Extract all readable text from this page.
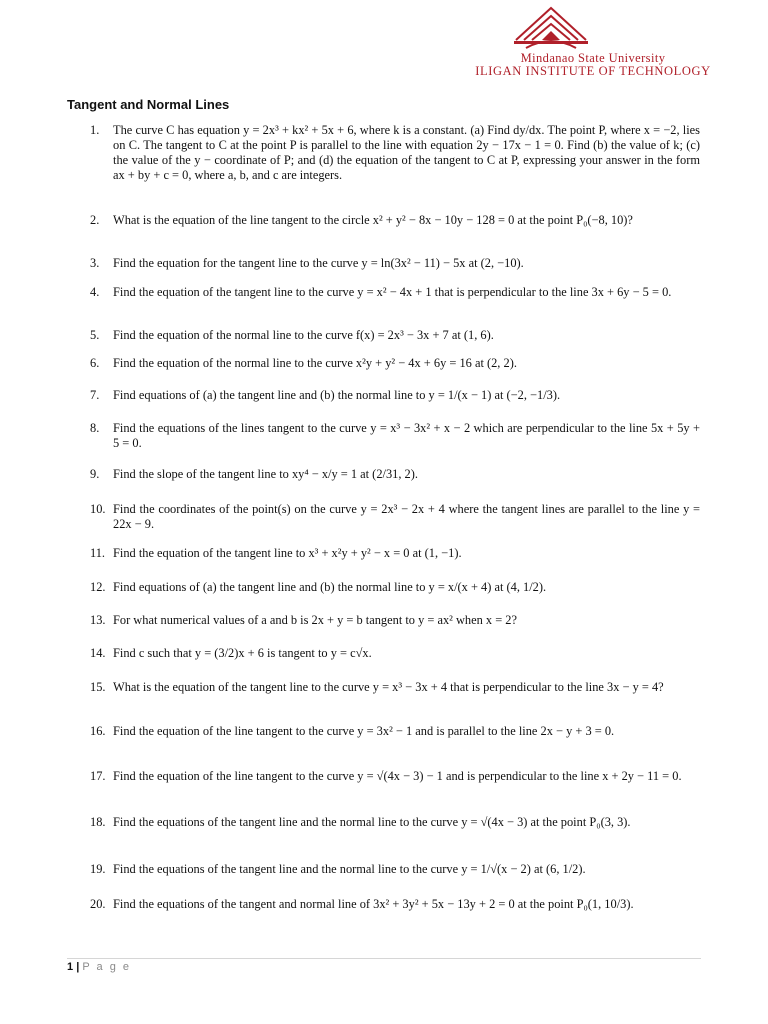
Mindanao State University
ILIGAN INSTITUTE OF TECHNOLOGY
Tangent and Normal Lines
1.	The curve C has equation y = 2x³ + kx² + 5x + 6, where k is a constant. (a) Find dy/dx. The point P, where x = −2, lies on C. The tangent to C at the point P is parallel to the line with equation 2y − 17x − 1 = 0. Find (b) the value of k; (c) the value of the y − coordinate of P; and (d) the equation of the tangent to C at P, expressing your answer in the form ax + by + c = 0, where a, b, and c are integers.
2.	What is the equation of the line tangent to the circle x² + y² − 8x − 10y − 128 = 0 at the point P₀(−8, 10)?
3.	Find the equation for the tangent line to the curve y = ln(3x² − 11) − 5x at (2, −10).
4.	Find the equation of the tangent line to the curve y = x² − 4x + 1 that is perpendicular to the line 3x + 6y − 5 = 0.
5.	Find the equation of the normal line to the curve f(x) = 2x³ − 3x + 7 at (1, 6).
6.	Find the equation of the normal line to the curve x²y + y² − 4x + 6y = 16 at (2, 2).
7.	Find equations of (a) the tangent line and (b) the normal line to y = 1/(x − 1) at (−2, −1/3).
8.	Find the equations of the lines tangent to the curve y = x³ − 3x² + x − 2 which are perpendicular to the line 5x + 5y + 5 = 0.
9.	Find the slope of the tangent line to xy⁴ − x/y = 1 at (2/31, 2).
10. Find the coordinates of the point(s) on the curve y = 2x³ − 2x + 4 where the tangent lines are parallel to the line y = 22x − 9.
11. Find the equation of the tangent line to x³ + x²y + y² − x = 0 at (1, −1).
12. Find equations of (a) the tangent line and (b) the normal line to y = x/(x + 4) at (4, 1/2).
13. For what numerical values of a and b is 2x + y = b tangent to y = ax² when x = 2?
14. Find c such that y = (3/2)x + 6 is tangent to y = c√x.
15. What is the equation of the tangent line to the curve y = x³ − 3x + 4 that is perpendicular to the line 3x − y = 4?
16. Find the equation of the line tangent to the curve y = 3x² − 1 and is parallel to the line 2x − y + 3 = 0.
17. Find the equation of the line tangent to the curve y = √(4x − 3) − 1 and is perpendicular to the line x + 2y − 11 = 0.
18. Find the equations of the tangent line and the normal line to the curve y = √(4x − 3) at the point P₀(3, 3).
19. Find the equations of the tangent line and the normal line to the curve y = 1/√(x − 2) at (6, 1/2).
20. Find the equations of the tangent and normal line of 3x² + 3y² + 5x − 13y + 2 = 0 at the point P₀(1, 10/3).
1 | P a g e
